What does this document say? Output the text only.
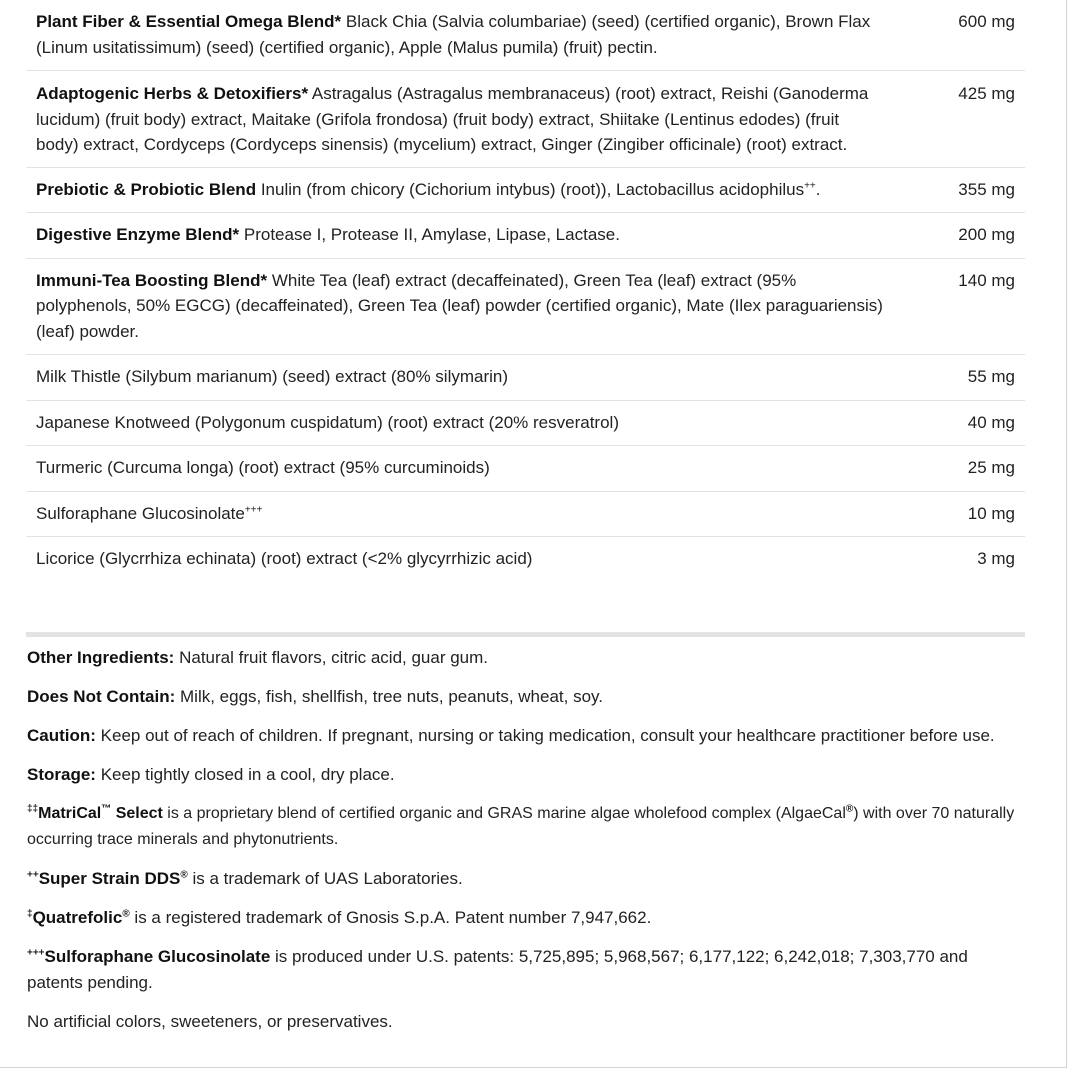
Plant Fiber & Essential Omega Blend* Black Chia (Salvia columbariae) (seed) (certified organic), Brown Flax (Linum usitatissimum) (seed) (certified organic), Apple (Malus pumila) (fruit) pectin.	600 mg
Adaptogenic Herbs & Detoxifiers* Astragalus (Astragalus membranaceus) (root) extract, Reishi (Ganoderma lucidum) (fruit body) extract, Maitake (Grifola frondosa) (fruit body) extract, Shiitake (Lentinus edodes) (fruit body) extract, Cordyceps (Cordyceps sinensis) (mycelium) extract, Ginger (Zingiber officinale) (root) extract.	425 mg
Prebiotic & Probiotic Blend Inulin (from chicory (Cichorium intybus) (root)), Lactobacillus acidophilus++.	355 mg
Digestive Enzyme Blend* Protease I, Protease II, Amylase, Lipase, Lactase.	200 mg
Immuni-Tea Boosting Blend* White Tea (leaf) extract (decaffeinated), Green Tea (leaf) extract (95% polyphenols, 50% EGCG) (decaffeinated), Green Tea (leaf) powder (certified organic), Mate (Ilex paraguariensis) (leaf) powder.	140 mg
Milk Thistle (Silybum marianum) (seed) extract (80% silymarin)	55 mg
Japanese Knotweed (Polygonum cuspidatum) (root) extract (20% resveratrol)	40 mg
Turmeric (Curcuma longa) (root) extract (95% curcuminoids)	25 mg
Sulforaphane Glucosinolate+++	10 mg
Licorice (Glycrrhiza echinata) (root) extract (<2% glycyrrhizic acid)	3 mg

Other Ingredients: Natural fruit flavors, citric acid, guar gum.

Does Not Contain: Milk, eggs, fish, shellfish, tree nuts, peanuts, wheat, soy.

Caution: Keep out of reach of children. If pregnant, nursing or taking medication, consult your healthcare practitioner before use.

Storage: Keep tightly closed in a cool, dry place.

‡‡MatriCal™ Select is a proprietary blend of certified organic and GRAS marine algae wholefood complex (AlgaeCal®) with over 70 naturally occurring trace minerals and phytonutrients.

++Super Strain DDS® is a trademark of UAS Laboratories.

‡Quatrefolic® is a registered trademark of Gnosis S.p.A. Patent number 7,947,662.

+++Sulforaphane Glucosinolate is produced under U.S. patents: 5,725,895; 5,968,567; 6,177,122; 6,242,018; 7,303,770 and patents pending.

No artificial colors, sweeteners, or preservatives.
